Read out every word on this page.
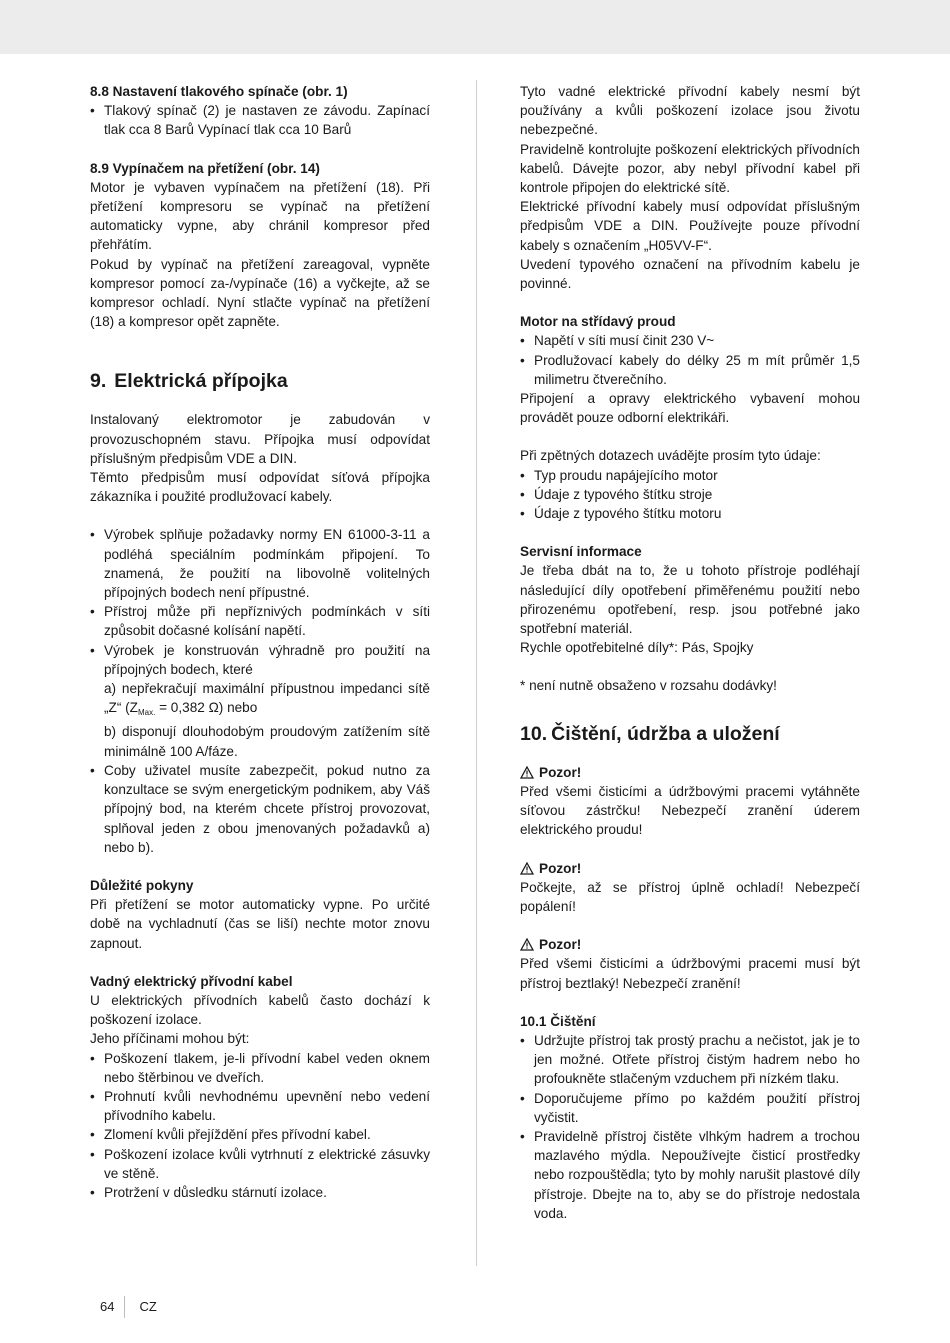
8.8 Nastavení tlakového spínače (obr. 1)

• Tlakový spínač (2) je nastaven ze závodu. Zapínací tlak cca 8 Barů Vypínací tlak cca 10 Barů

8.9 Vypínačem na přetížení (obr. 14)

Motor je vybaven vypínačem na přetížení (18). Při přetížení kompresoru se vypínač na přetížení automaticky vypne, aby chránil kompresor před přehřátím.

Pokud by vypínač na přetížení zareagoval, vypněte kompresor pomocí za-/vypínače (16) a vyčkejte, až se kompresor ochladí. Nyní stlačte vypínač na přetížení (18) a kompresor opět zapněte.

9. Elektrická přípojka

Instalovaný elektromotor je zabudován v provozuschopném stavu. Přípojka musí odpovídat příslušným předpisům VDE a DIN.

Těmto předpisům musí odpovídat síťová přípojka zákazníka i použité prodlužovací kabely.

• Výrobek splňuje požadavky normy EN 61000-3-11 a podléhá speciálním podmínkám připojení. To znamená, že použití na libovolně volitelných přípojných bodech není přípustné.
• Přístroj může při nepříznivých podmínkách v síti způsobit dočasné kolísání napětí.
• Výrobek je konstruován výhradně pro použití na přípojných bodech, které
a) nepřekračují maximální přípustnou impedanci sítě „Z“ ($Z_{Max.} = 0,382$ Ω) nebo
b) disponují dlouhodobým proudovým zatížením sítě minimálně 100 A/fáze.
• Coby uživatel musíte zabezpečit, pokud nutno za konzultace se svým energetickým podnikem, aby Váš přípojný bod, na kterém chcete přístroj provozovat, splňoval jeden z obou jmenovaných požadavků a) nebo b).

Důležité pokyny

Při přetížení se motor automaticky vypne. Po určité době na vychladnutí (čas se liší) nechte motor znovu zapnout.

Vadný elektrický přívodní kabel

U elektrických přívodních kabelů často dochází k poškození izolace.

Jeho příčinami mohou být:

• Poškození tlakem, je-li přívodní kabel veden oknem nebo štěrbinou ve dveřích.
• Prohnutí kvůli nevhodnému upevnění nebo vedení přívodního kabelu.
• Zlomení kvůli přejíždění přes přívodní kabel.
• Poškození izolace kvůli vytrhnutí z elektrické zásuvky ve stěně.
• Protržení v důsledku stárnutí izolace.

Tyto vadné elektrické přívodní kabely nesmí být používány a kvůli poškození izolace jsou životu nebezpečné.

Pravidelně kontrolujte poškození elektrických přívodních kabelů. Dávejte pozor, aby nebyl přívodní kabel při kontrole připojen do elektrické sítě.

Elektrické přívodní kabely musí odpovídat příslušným předpisům VDE a DIN. Používejte pouze přívodní kabely s označením „H05VV-F“.

Uvedení typového označení na přívodním kabelu je povinné.

Motor na střídavý proud

• Napětí v síti musí činit 230 V~
• Prodlužovací kabely do délky 25 m mít průměr 1,5 milimetru čtverečního.

Připojení a opravy elektrického vybavení mohou provádět pouze odborní elektrikáři.

Při zpětných dotazech uvádějte prosím tyto údaje:

• Typ proudu napájejícího motor
• Údaje z typového štítku stroje
• Údaje z typového štítku motoru

Servisní informace

Je třeba dbát na to, že u tohoto přístroje podléhají následující díly opotřebení přiměřenému použití nebo přirozenému opotřebení, resp. jsou potřebné jako spotřební materiál.

Rychle opotřebitelné díly*: Pás, Spojky

* není nutně obsaženo v rozsahu dodávky!

10. Čištění, údržba a uložení
Pozor!

Před všemi čisticími a údržbovými pracemi vytáhněte síťovou zástrčku! Nebezpečí zranění úderem elektrického proudu!

Pozor!

Počkejte, až se přístroj úplně ochladí! Nebezpečí popálení!

Pozor!

Před všemi čisticími a údržbovými pracemi musí být přístroj beztlaký! Nebezpečí zranění!

10.1 Čištění

• Udržujte přístroj tak prostý prachu a nečistot, jak je to jen možné. Otřete přístroj čistým hadrem nebo ho profoukněte stlačeným vzduchem při nízkém tlaku.
• Doporučujeme přímo po každém použití přístroj vyčistit.
• Pravidelně přístroj čistěte vlhkým hadrem a trochou mazlavého mýdla. Nepoužívejte čisticí prostředky nebo rozpouštědla; tyto by mohly narušit plastové díly přístroje. Dbejte na to, aby se do přístroje nedostala voda.
64 CZ
